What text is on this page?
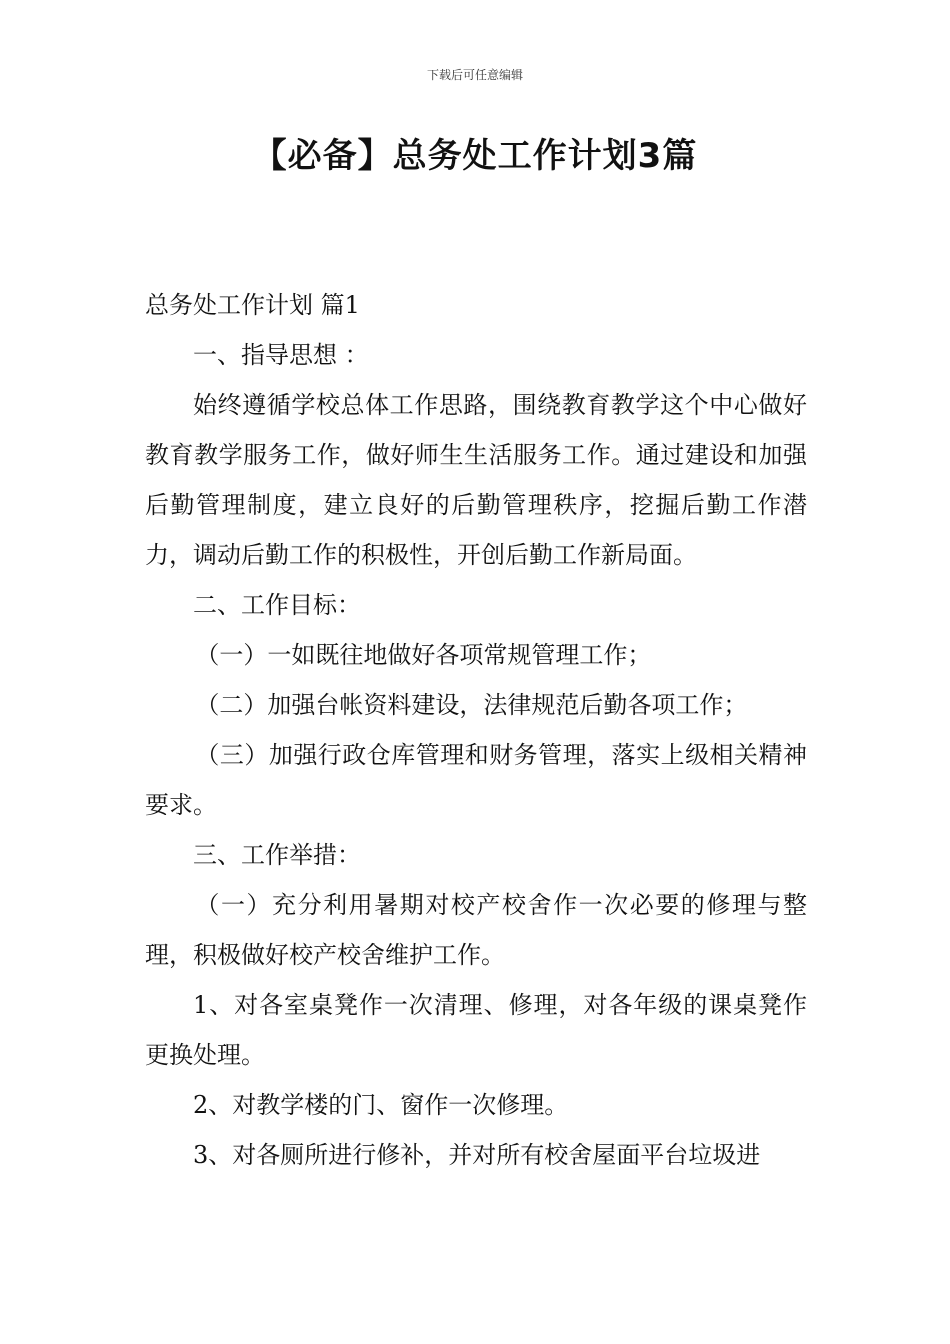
下载后可任意编辑
【必备】总务处工作计划3篇

总务处工作计划 篇1

一、指导思想 ：

始终遵循学校总体工作思路，围绕教育教学这个中心做好教育教学服务工作，做好师生生活服务工作。通过建设和加强后勤管理制度，建立良好的后勤管理秩序，挖掘后勤工作潜力，调动后勤工作的积极性，开创后勤工作新局面。

二、工作目标：

（一）一如既往地做好各项常规管理工作；

（二）加强台帐资料建设，法律规范后勤各项工作；

（三）加强行政仓库管理和财务管理，落实上级相关精神要求。

三、工作举措：

（一）充分利用暑期对校产校舍作一次必要的修理与整理，积极做好校产校舍维护工作。

1、对各室桌凳作一次清理、修理，对各年级的课桌凳作更换处理。

2、对教学楼的门、窗作一次修理。

3、对各厕所进行修补，并对所有校舍屋面平台垃圾进
